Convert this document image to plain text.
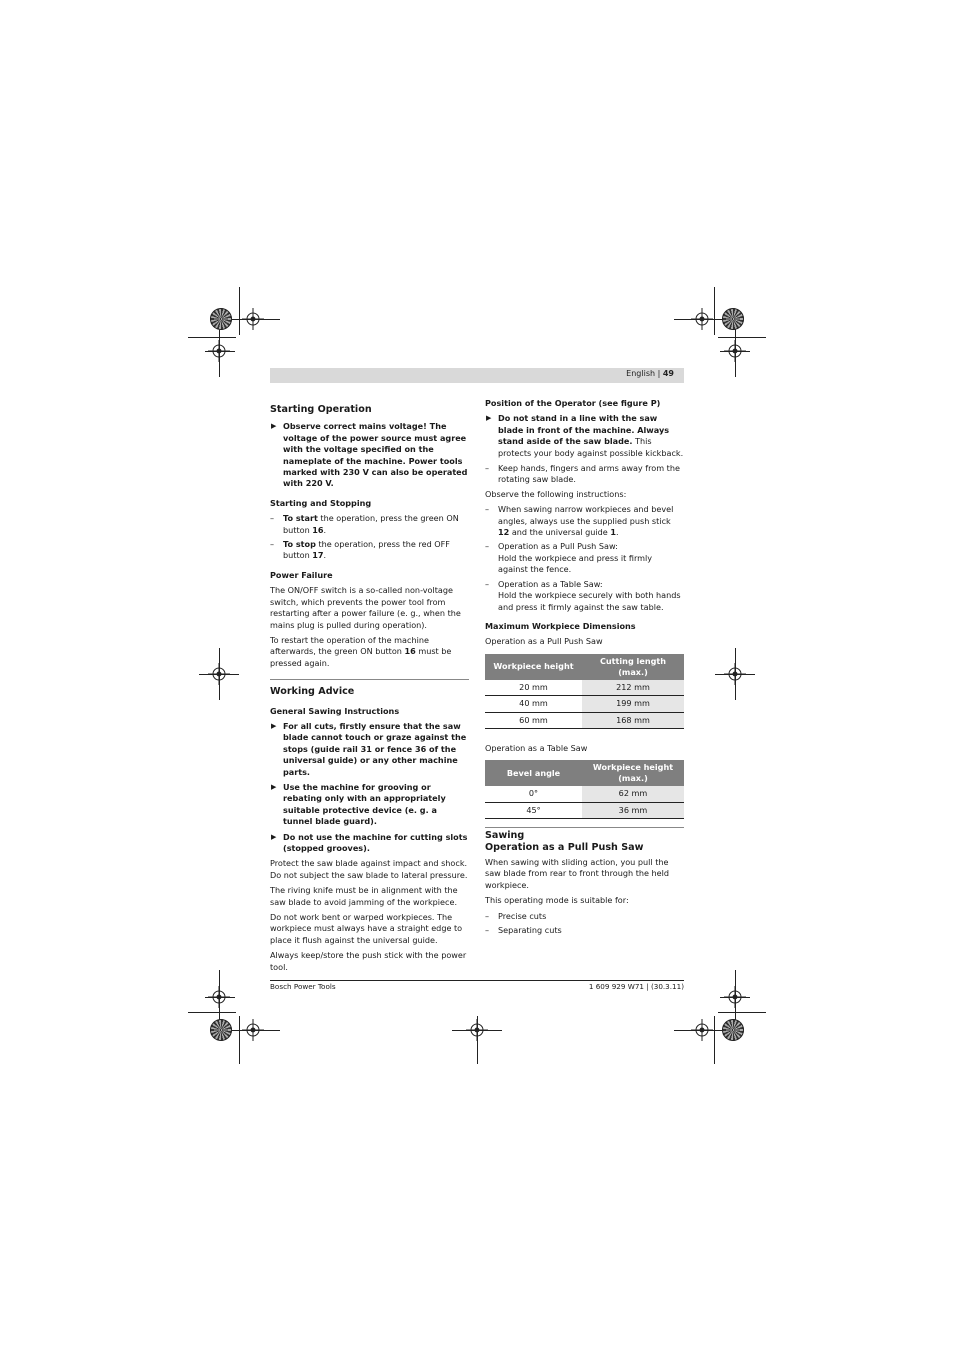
English | 49
Starting Operation
▶ Observe correct mains voltage! The voltage of the power source must agree with the voltage specified on the nameplate of the machine. Power tools marked with 230 V can also be operated with 220 V.
Starting and Stopping
– To start the operation, press the green ON button 16.
– To stop the operation, press the red OFF button 17.
Power Failure

The ON/OFF switch is a so-called non-voltage switch, which prevents the power tool from restarting after a power failure (e. g., when the mains plug is pulled during operation).

To restart the operation of the machine afterwards, the green ON button 16 must be pressed again.

Working Advice
General Sawing Instructions
▶ For all cuts, firstly ensure that the saw blade cannot touch or graze against the stops (guide rail 31 or fence 36 of the universal guide) or any other machine parts.
▶ Use the machine for grooving or rebating only with an appropriately suitable protective device (e. g. a tunnel blade guard).
▶ Do not use the machine for cutting slots (stopped grooves).

Protect the saw blade against impact and shock. Do not subject the saw blade to lateral pressure.

The riving knife must be in alignment with the saw blade to avoid jamming of the workpiece.

Do not work bent or warped workpieces. The workpiece must always have a straight edge to place it flush against the universal guide.

Always keep/store the push stick with the power tool.

Position of the Operator (see figure P)
▶ Do not stand in a line with the saw blade in front of the machine. Always stand aside of the saw blade. This protects your body against possible kickback.
– Keep hands, fingers and arms away from the rotating saw blade.

Observe the following instructions:

– When sawing narrow workpieces and bevel angles, always use the supplied push stick 12 and the universal guide 1.
– Operation as a Pull Push Saw:
Hold the workpiece and press it firmly against the fence.
– Operation as a Table Saw:
Hold the workpiece securely with both hands and press it firmly against the saw table.
Maximum Workpiece Dimensions

Operation as a Pull Push Saw

Workpiece height	Cutting length (max.)
20 mm	212 mm
40 mm	199 mm
60 mm	168 mm

Operation as a Table Saw

Bevel angle	Workpiece height (max.)
0°	62 mm
45°	36 mm
Sawing
Operation as a Pull Push Saw

When sawing with sliding action, you pull the saw blade from rear to front through the held workpiece.

This operating mode is suitable for:

– Precise cuts
– Separating cuts
Bosch Power Tools	1 609 929 W71 | (30.3.11)
